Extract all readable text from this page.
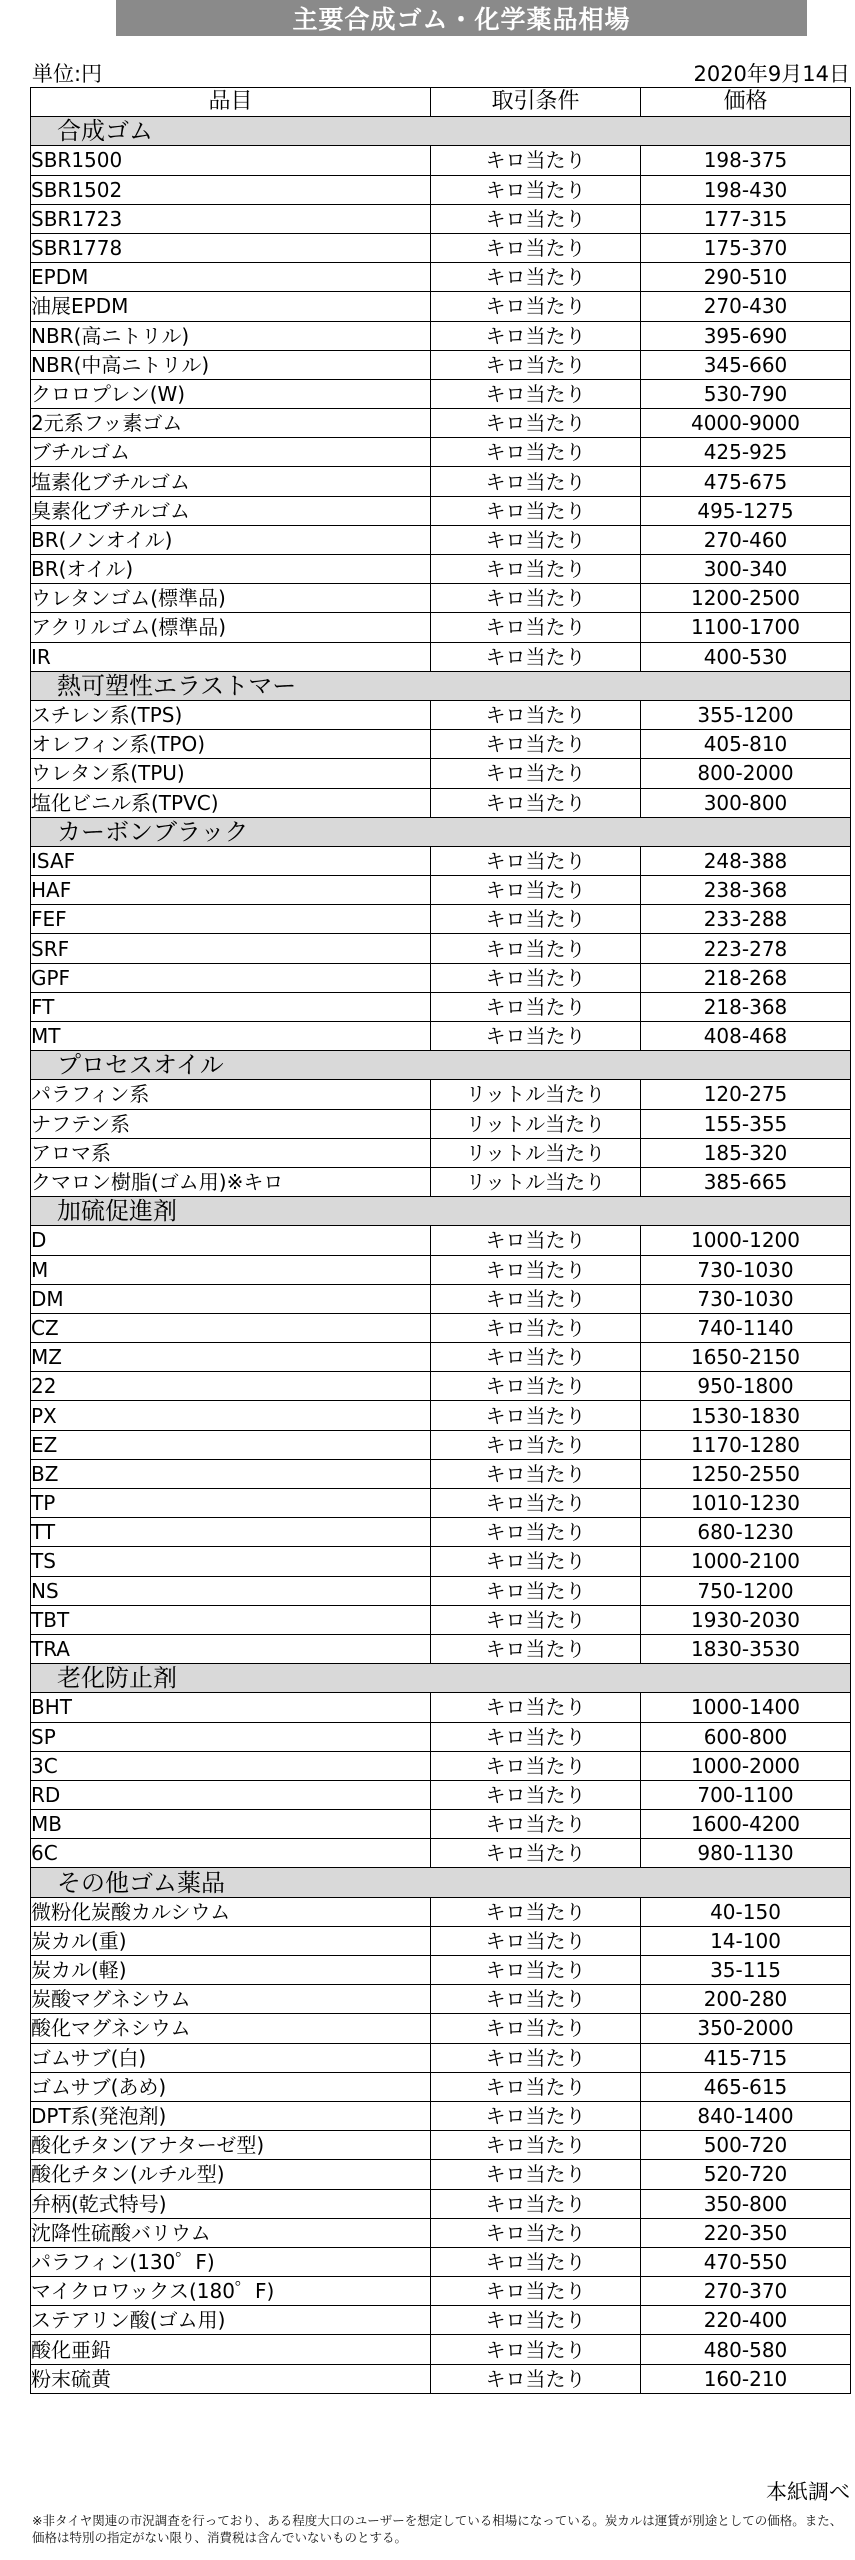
主要合成ゴム・化学薬品相場
単位:円	2020年9月14日
品目	取引条件	価格
合成ゴム		
SBR1500	キロ当たり	198-375
SBR1502	キロ当たり	198-430
SBR1723	キロ当たり	177-315
SBR1778	キロ当たり	175-370
EPDM	キロ当たり	290-510
油展EPDM	キロ当たり	270-430
NBR(高ニトリル)	キロ当たり	395-690
NBR(中高ニトリル)	キロ当たり	345-660
クロロプレン(W)	キロ当たり	530-790
2元系フッ素ゴム	キロ当たり	4000-9000
ブチルゴム	キロ当たり	425-925
塩素化ブチルゴム	キロ当たり	475-675
臭素化ブチルゴム	キロ当たり	495-1275
BR(ノンオイル)	キロ当たり	270-460
BR(オイル)	キロ当たり	300-340
ウレタンゴム(標準品)	キロ当たり	1200-2500
アクリルゴム(標準品)	キロ当たり	1100-1700
IR	キロ当たり	400-530
熱可塑性エラストマー		
スチレン系(TPS)	キロ当たり	355-1200
オレフィン系(TPO)	キロ当たり	405-810
ウレタン系(TPU)	キロ当たり	800-2000
塩化ビニル系(TPVC)	キロ当たり	300-800
カーボンブラック		
ISAF	キロ当たり	248-388
HAF	キロ当たり	238-368
FEF	キロ当たり	233-288
SRF	キロ当たり	223-278
GPF	キロ当たり	218-268
FT	キロ当たり	218-368
MT	キロ当たり	408-468
プロセスオイル		
パラフィン系	リットル当たり	120-275
ナフテン系	リットル当たり	155-355
アロマ系	リットル当たり	185-320
クマロン樹脂(ゴム用)※キロ	リットル当たり	385-665
加硫促進剤		
D	キロ当たり	1000-1200
M	キロ当たり	730-1030
DM	キロ当たり	730-1030
CZ	キロ当たり	740-1140
MZ	キロ当たり	1650-2150
22	キロ当たり	950-1800
PX	キロ当たり	1530-1830
EZ	キロ当たり	1170-1280
BZ	キロ当たり	1250-2550
TP	キロ当たり	1010-1230
TT	キロ当たり	680-1230
TS	キロ当たり	1000-2100
NS	キロ当たり	750-1200
TBT	キロ当たり	1930-2030
TRA	キロ当たり	1830-3530
老化防止剤		
BHT	キロ当たり	1000-1400
SP	キロ当たり	600-800
3C	キロ当たり	1000-2000
RD	キロ当たり	700-1100
MB	キロ当たり	1600-4200
6C	キロ当たり	980-1130
その他ゴム薬品		
微粉化炭酸カルシウム	キロ当たり	40-150
炭カル(重)	キロ当たり	14-100
炭カル(軽)	キロ当たり	35-115
炭酸マグネシウム	キロ当たり	200-280
酸化マグネシウム	キロ当たり	350-2000
ゴムサブ(白)	キロ当たり	415-715
ゴムサブ(あめ)	キロ当たり	465-615
DPT系(発泡剤)	キロ当たり	840-1400
酸化チタン(アナターゼ型)	キロ当たり	500-720
酸化チタン(ルチル型)	キロ当たり	520-720
弁柄(乾式特号)	キロ当たり	350-800
沈降性硫酸バリウム	キロ当たり	220-350
パラフィン(130゜F)	キロ当たり	470-550
マイクロワックス(180゜F)	キロ当たり	270-370
ステアリン酸(ゴム用)	キロ当たり	220-400
酸化亜鉛	キロ当たり	480-580
粉末硫黄	キロ当たり	160-210
本紙調べ
※非タイヤ関連の市況調査を行っており、ある程度大口のユーザーを想定している相場になっている。炭カルは運賃が別途としての価格。また、価格は特別の指定がない限り、消費税は含んでいないものとする。
